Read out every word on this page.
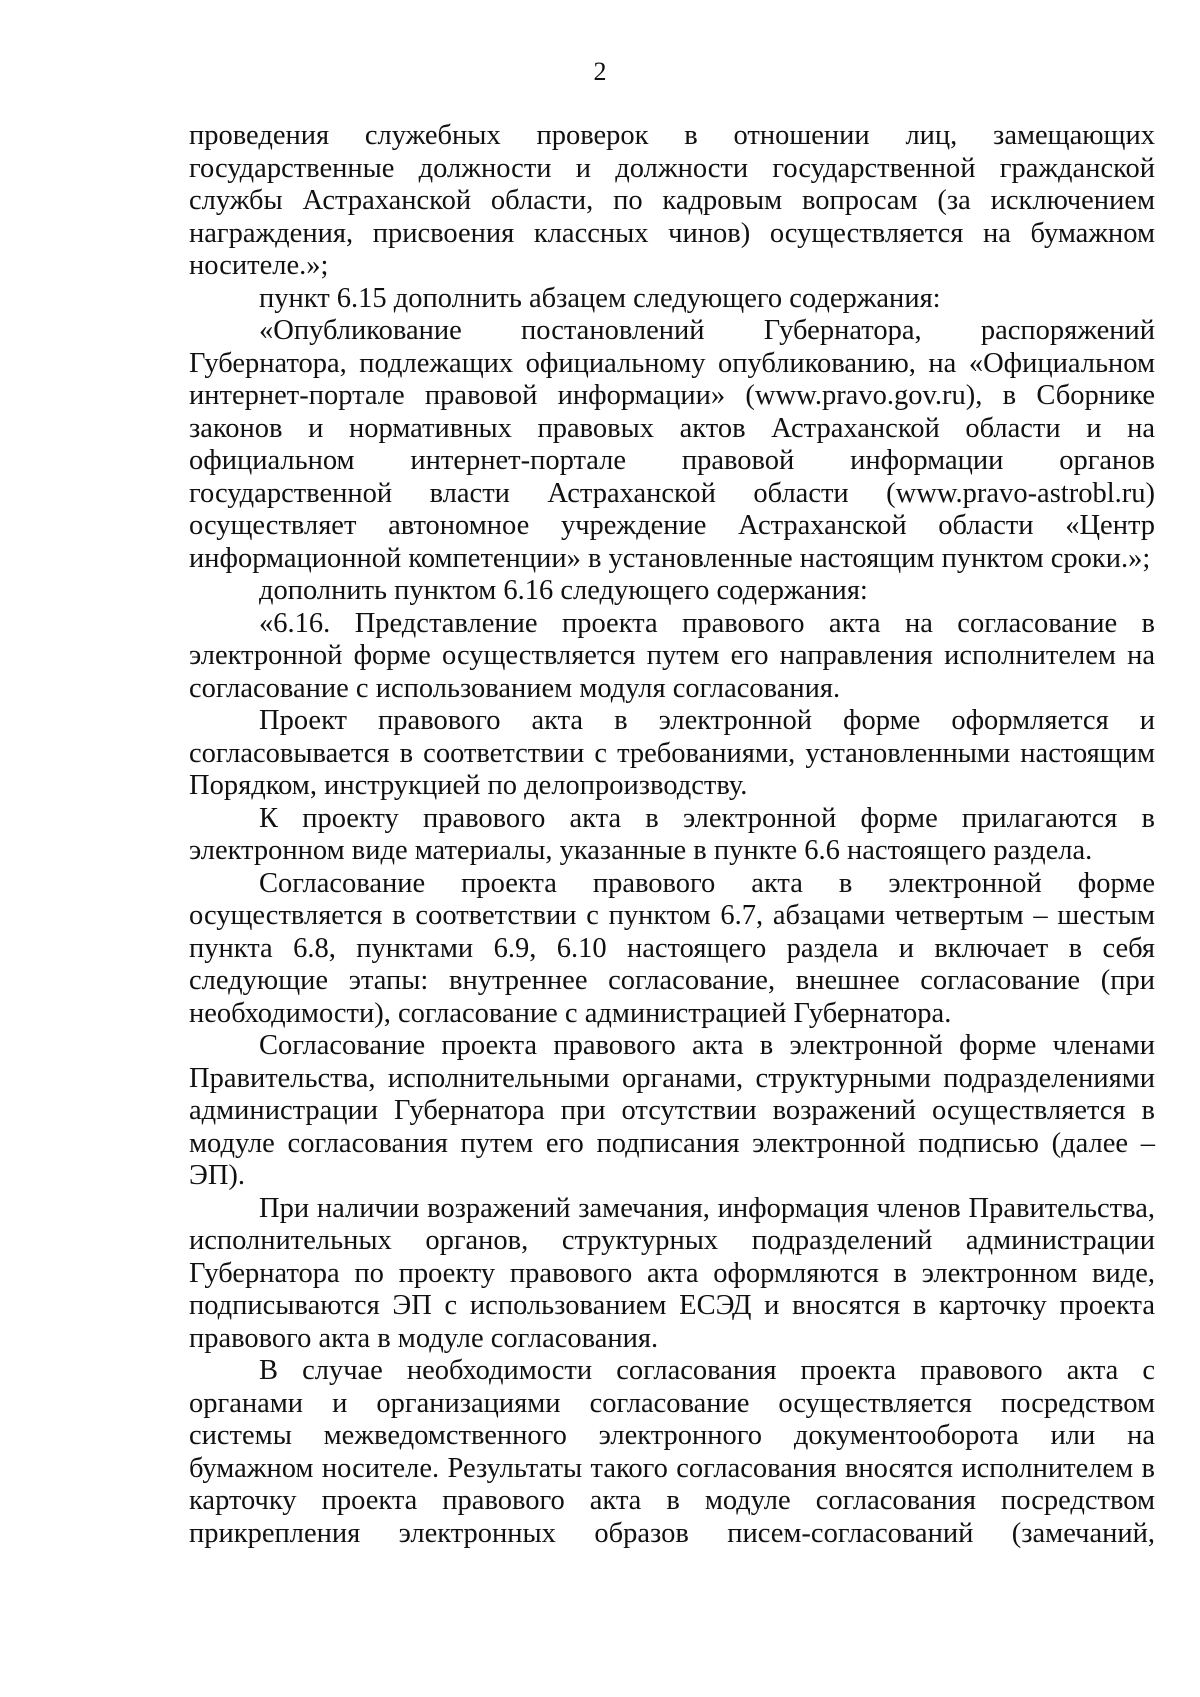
2

проведения служебных проверок в отношении лиц, замещающих государственные должности и должности государственной гражданской службы Астраханской области, по кадровым вопросам (за исключением награждения, присвоения классных чинов) осуществляется на бумажном носителе.»;

пункт 6.15 дополнить абзацем следующего содержания:

«Опубликование постановлений Губернатора, распоряжений Губернатора, подлежащих официальному опубликованию, на «Официальном интернет-портале правовой информации» (www.pravo.gov.ru), в Сборнике законов и нормативных правовых актов Астраханской области и на официальном интернет-портале правовой информации органов государственной власти Астраханской области (www.pravo-astrobl.ru) осуществляет автономное учреждение Астраханской области «Центр информационной компетенции» в установленные настоящим пунктом сроки.»;

дополнить пунктом 6.16 следующего содержания:

«6.16. Представление проекта правового акта на согласование в электронной форме осуществляется путем его направления исполнителем на согласование с использованием модуля согласования.

Проект правового акта в электронной форме оформляется и согласовывается в соответствии с требованиями, установленными настоящим Порядком, инструкцией по делопроизводству.

К проекту правового акта в электронной форме прилагаются в электронном виде материалы, указанные в пункте 6.6 настоящего раздела.

Согласование проекта правового акта в электронной форме осуществляется в соответствии с пунктом 6.7, абзацами четвертым – шестым пункта 6.8, пунктами 6.9, 6.10 настоящего раздела и включает в себя следующие этапы: внутреннее согласование, внешнее согласование (при необходимости), согласование с администрацией Губернатора.

Согласование проекта правового акта в электронной форме членами Правительства, исполнительными органами, структурными подразделениями администрации Губернатора при отсутствии возражений осуществляется в модуле согласования путем его подписания электронной подписью (далее – ЭП).

При наличии возражений замечания, информация членов Правительства, исполнительных органов, структурных подразделений администрации Губернатора по проекту правового акта оформляются в электронном виде, подписываются ЭП с использованием ЕСЭД и вносятся в карточку проекта правового акта в модуле согласования.

В случае необходимости согласования проекта правового акта с органами и организациями согласование осуществляется посредством системы межведомственного электронного документооборота или на бумажном носителе. Результаты такого согласования вносятся исполнителем в карточку проекта правового акта в модуле согласования посредством прикрепления электронных образов писем-согласований (замечаний,
